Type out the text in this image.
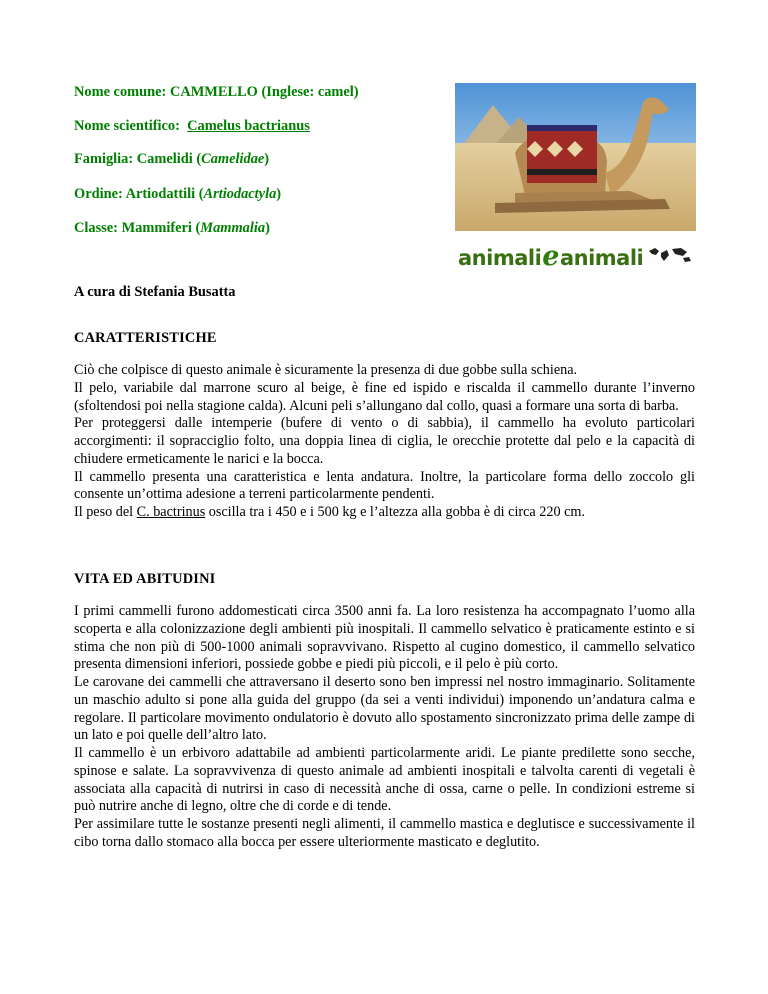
Nome comune: CAMMELLO (Inglese: camel)
Nome scientifico: Camelus bactrianus
Famiglia: Camelidi (Camelidae)
Ordine: Artiodattili (Artiodactyla)
Classe: Mammiferi (Mammalia)
A cura di Stefania Busatta
animalieanimali
CARATTERISTICHE

Ciò che colpisce di questo animale è sicuramente la presenza di due gobbe sulla schiena.

Il pelo, variabile dal marrone scuro al beige, è fine ed ispido e riscalda il cammello durante l’inverno (sfoltendosi poi nella stagione calda). Alcuni peli s’allungano dal collo, quasi a formare una sorta di barba.

Per proteggersi dalle intemperie (bufere di vento o di sabbia), il cammello ha evoluto particolari accorgimenti: il sopracciglio folto, una doppia linea di ciglia, le orecchie protette dal pelo e la capacità di chiudere ermeticamente le narici e la bocca.

Il cammello presenta una caratteristica e lenta andatura. Inoltre, la particolare forma dello zoccolo gli consente un’ottima adesione a terreni particolarmente pendenti.

Il peso del C. bactrinus oscilla tra i 450 e i 500 kg e l’altezza alla gobba è di circa 220 cm.

VITA ED ABITUDINI

I primi cammelli furono addomesticati circa 3500 anni fa. La loro resistenza ha accompagnato l’uomo alla scoperta e alla colonizzazione degli ambienti più inospitali. Il cammello selvatico è praticamente estinto e si stima che non più di 500-1000 animali sopravvivano. Rispetto al cugino domestico, il cammello selvatico presenta dimensioni inferiori, possiede gobbe e piedi più piccoli, e il pelo è più corto.

Le carovane dei cammelli che attraversano il deserto sono ben impressi nel nostro immaginario. Solitamente un maschio adulto si pone alla guida del gruppo (da sei a venti individui) imponendo un’andatura calma e regolare. Il particolare movimento ondulatorio è dovuto allo spostamento sincronizzato prima delle zampe di un lato e poi quelle dell’altro lato.

Il cammello è un erbivoro adattabile ad ambienti particolarmente aridi. Le piante predilette sono secche, spinose e salate. La sopravvivenza di questo animale ad ambienti inospitali e talvolta carenti di vegetali è associata alla capacità di nutrirsi in caso di necessità anche di ossa, carne o pelle. In condizioni estreme si può nutrire anche di legno, oltre che di corde e di tende.

Per assimilare tutte le sostanze presenti negli alimenti, il cammello mastica e deglutisce e successivamente il cibo torna dallo stomaco alla bocca per essere ulteriormente masticato e deglutito.
